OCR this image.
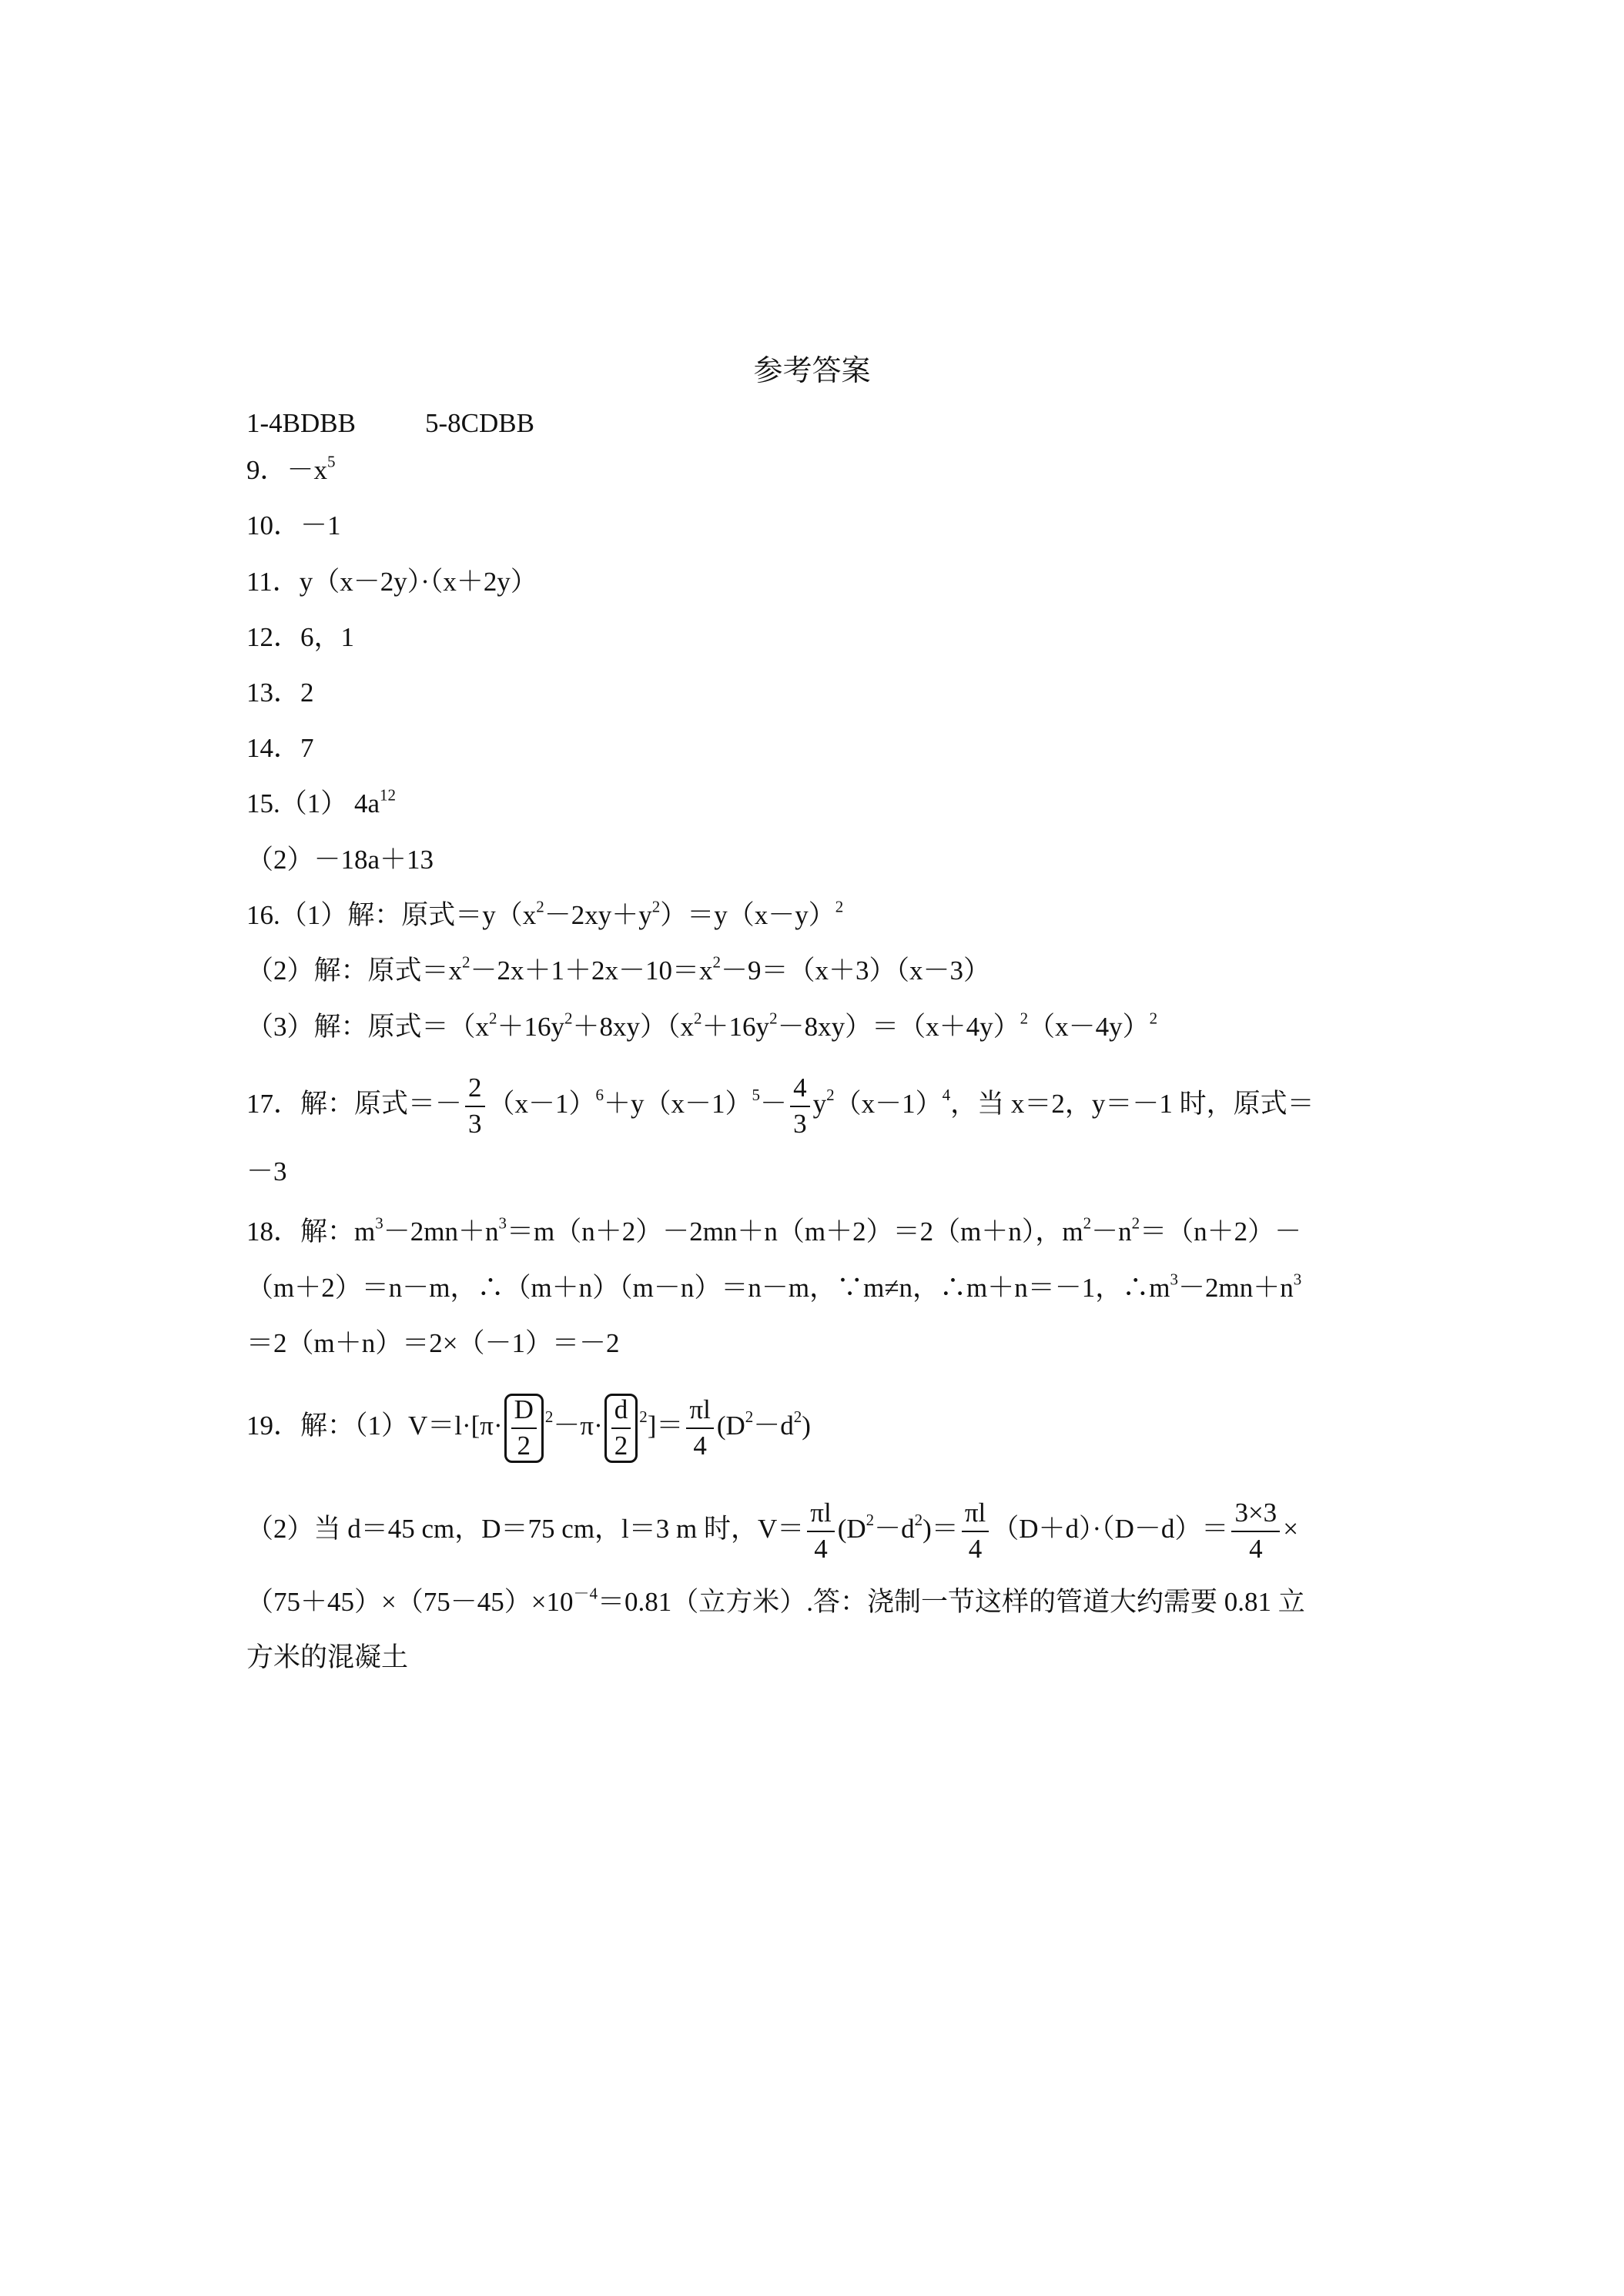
参考答案
1-4BDBB	5-8CDBB
9．$-x^5$
10．－1
11．y（x－2y）·（x＋2y）
12．6，1
13．2
14．7
15.（1） $4a^{12}$
（2）－18a＋13
16.（1）解：原式$=y(x^2-2xy+y^2)=y(x-y)^2$
（2）解：原式$=x^2-2x+1+2x-10=x^2-9=(x+3)(x-3)$
（3）解：原式$=(x^2+16y^2+8xy)(x^2+16y^2-8xy)=(x+4y)^2(x-4y)^2$
17．解：原式＝－ $\frac{2}{3} (x-1)^6+y(x-1)^5- \frac{4}{3} y^2(x-1)^4$，当 x＝2，y＝－1 时，原式＝
－3
18．解：$m^3-2mn+n^3=m(n+2)-2mn+n(m+2)=2(m+n)$，$m^2-n^2=(n+2)-$
（m＋2）＝n－m，∴（m＋n）（m－n）＝n－m，∵m≠n，∴m＋n＝－1，$\therefore m^3-2mn+n^3$
＝2（m＋n）＝2×（－1）＝－2
19．解：$(1)V=l\cdot[\pi\cdot \frac{D}{2} ^2-\pi\cdot \frac{d}{2} ^2]= \frac{\pi l}{4} (D^2-d^2)$
（2）当 d＝45 cm，D＝75 cm，l＝3 m 时，$V= \frac{\pi l}{4} (D^2-d^2)= \frac{\pi l}{4} (D+d)\cdot(D-d)= \frac{3\times 3}{4}$ ×
$(75+45)\times(75-45)\times 10^{-4}=0.81$（立方米）.答：浇制一节这样的管道大约需要 0.81 立
方米的混凝土
